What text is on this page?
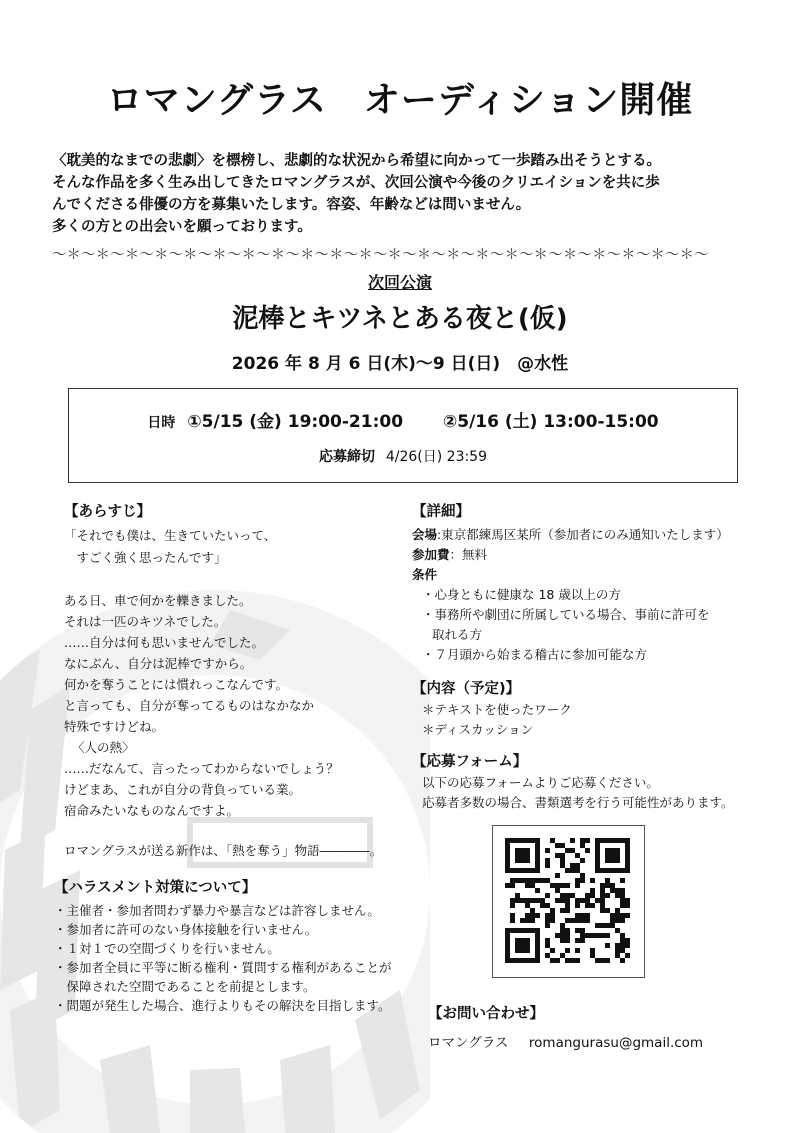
ロマングラス　オーディション開催
〈耽美的なまでの悲劇〉を標榜し、悲劇的な状況から希望に向かって一歩踏み出そうとする。
そんな作品を多く生み出してきたロマングラスが、次回公演や今後のクリエイションを共に歩
んでくださる俳優の方を募集いたします。容姿、年齢などは問いません。
多くの方との出会いを願っております。
〜＊〜＊〜＊〜＊〜＊〜＊〜＊〜＊〜＊〜＊〜＊〜＊〜＊〜＊〜＊〜＊〜＊〜＊〜＊〜＊〜＊〜＊〜
次回公演
泥棒とキツネとある夜と(仮)
2026 年 8 月 6 日(木)〜9 日(日)　@水性
日時 ①5/15 (金) 19:00-21:00 ②5/16 (土) 13:00-15:00
応募締切 4/26(日) 23:59
【あらすじ】
「それでも僕は、生きていたいって、
　すごく強く思ったんです」
ある日、車で何かを轢きました。
それは一匹のキツネでした。
……自分は何も思いませんでした。
なにぶん、自分は泥棒ですから。
何かを奪うことには慣れっこなんです。
と言っても、自分が奪ってるものはなかなか
特殊ですけどね。
〈人の熱〉
……だなんて、言ったってわからないでしょう？
けどまあ、これが自分の背負っている業。
宿命みたいなものなんですよ。
ロマングラスが送る新作は、「熱を奪う」物語――――。
【ハラスメント対策について】
・主催者・参加者問わず暴力や暴言などは許容しません。
・参加者に許可のない身体接触を行いません。
・１対１での空間づくりを行いません。
・参加者全員に平等に断る権利・質問する権利があることが
　保障された空間であることを前提とします。
・問題が発生した場合、進行よりもその解決を目指します。
【詳細】
会場:東京都練馬区某所（参加者にのみ通知いたします）
参加費：無料
条件
・心身ともに健康な 18 歳以上の方
・事務所や劇団に所属している場合、事前に許可を
取れる方
・７月頭から始まる稽古に参加可能な方
【内容（予定)】
＊テキストを使ったワーク
＊ディスカッション
【応募フォーム】
以下の応募フォームよりご応募ください。
応募者多数の場合、書類選考を行う可能性があります。
【お問い合わせ】
ロマングラス romangurasu@gmail.com
